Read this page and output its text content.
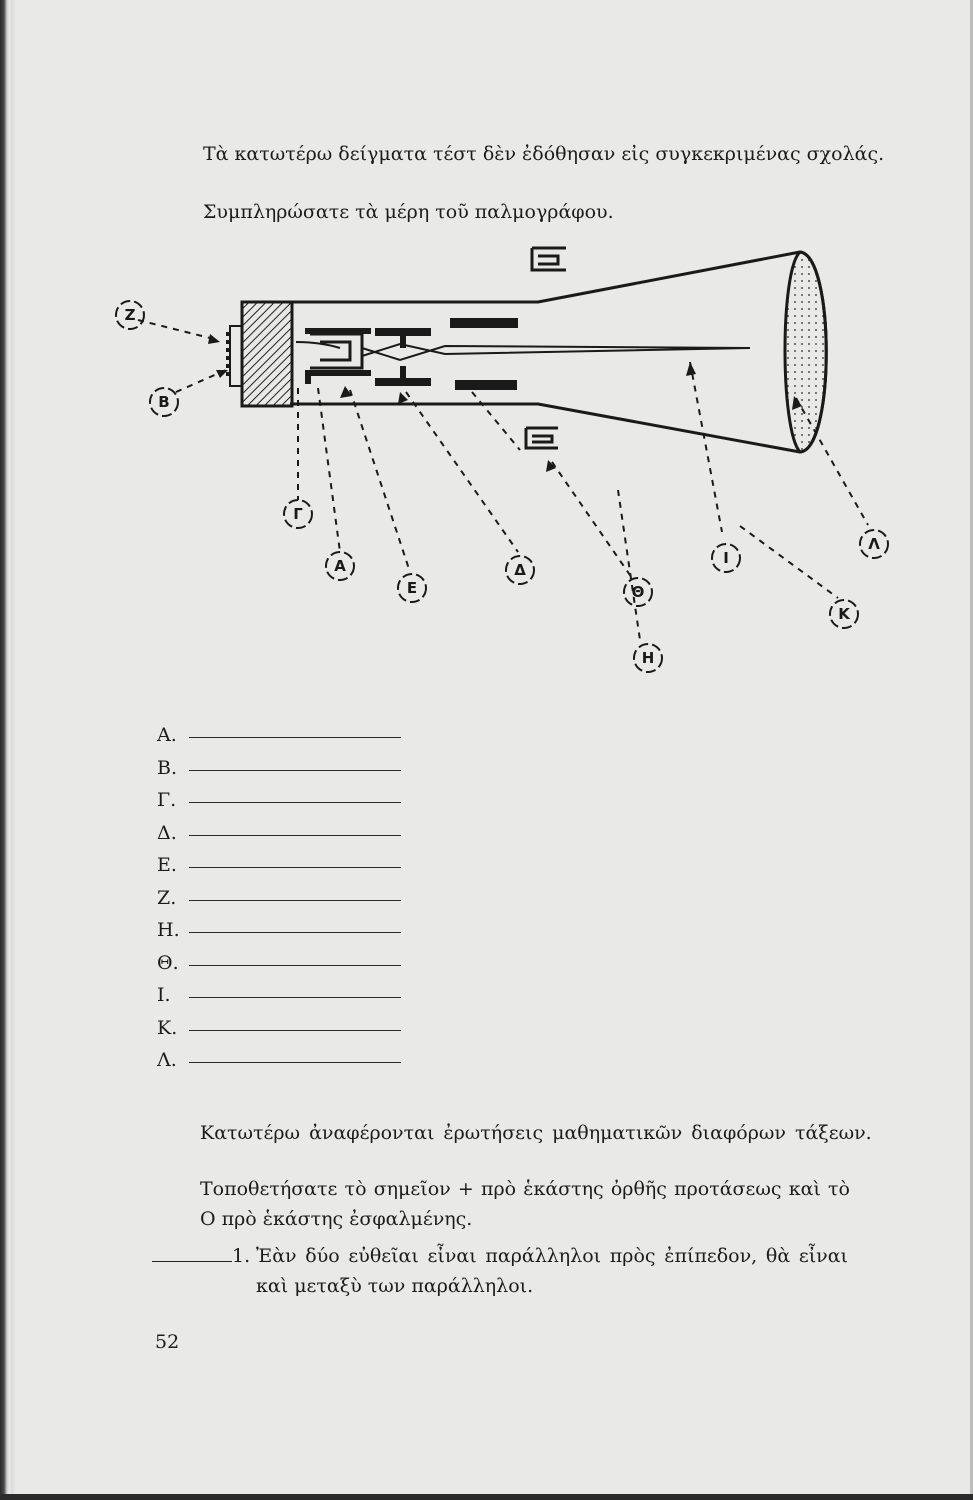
Τὰ κατωτέρω δείγματα τέστ δὲν ἐδόθησαν εἰς συγκεκριμένας σχολάς.

Συμπληρώσατε τὰ μέρη τοῦ παλμογράφου.

Ζ
Β
Γ
Α
Ε
Δ
Θ
Η
Ι
Κ
Λ
Α.
Β.
Γ.
Δ.
Ε.
Ζ.
Η.
Θ.
Ι.
Κ.
Λ.

Κατωτέρω ἀναφέρονται ἐρωτήσεις μαθηματικῶν διαφόρων τάξεων.

Τοποθετήσατε τὸ σημεῖον + πρὸ ἑκάστης ὀρθῆς προτάσεως καὶ τὸ Ο πρὸ ἑκάστης ἐσφαλμένης.

1. Ἐὰν δύο εὐθεῖαι εἶναι παράλληλοι πρὸς ἐπίπεδον, θὰ εἶναι καὶ μεταξὺ των παράλληλοι.

52
